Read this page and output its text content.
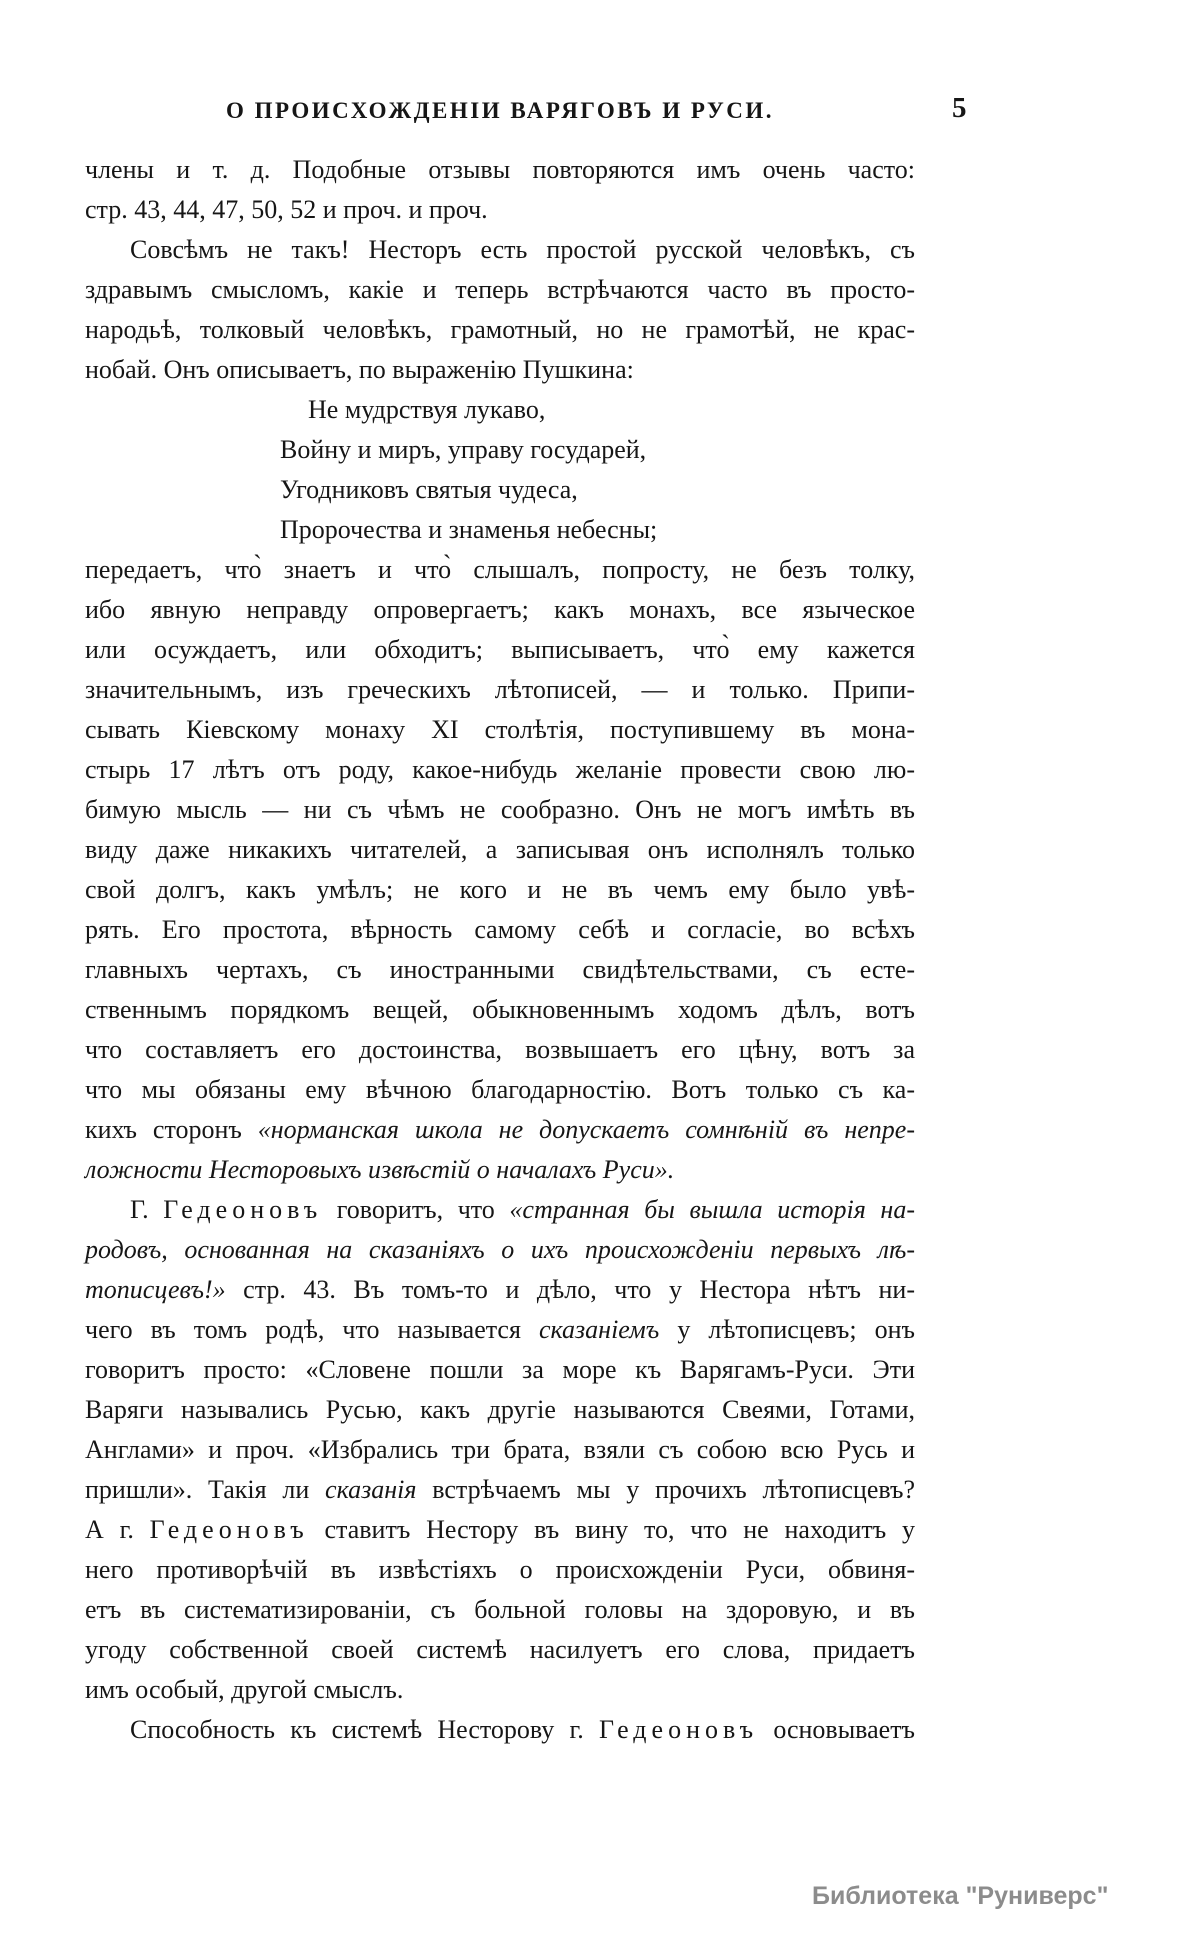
О ПРОИСХОЖДЕНІИ ВАРЯГОВЪ И РУСИ.	5
члены и т. д. Подобные отзывы повторяются имъ очень часто:
стр. 43, 44, 47, 50, 52 и проч. и проч.
Совсѣмъ не такъ! Несторъ есть простой русской человѣкъ, съ
здравымъ смысломъ, какіе и теперь встрѣчаются часто въ просто-
народьѣ, толковый человѣкъ, грамотный, но не грамотѣй, не крас-
нобай. Онъ описываетъ, по выраженію Пушкина:
Не мудрствуя лукаво,
Войну и миръ, управу государей,
Угодниковъ святыя чудеса,
Пророчества и знаменья небесны;
передаетъ, что̀ знаетъ и что̀ слышалъ, попросту, не безъ толку,
ибо явную неправду опровергаетъ; какъ монахъ, все языческое
или осуждаетъ, или обходитъ; выписываетъ, что̀ ему кажется
значительнымъ, изъ греческихъ лѣтописей, — и только. Припи-
сывать Кіевскому монаху XI столѣтія, поступившему въ мона-
стырь 17 лѣтъ отъ роду, какое-нибудь желаніе провести свою лю-
бимую мысль — ни съ чѣмъ не сообразно. Онъ не могъ имѣть въ
виду даже никакихъ читателей, а записывая онъ исполнялъ только
свой долгъ, какъ умѣлъ; не кого и не въ чемъ ему было увѣ-
рять. Его простота, вѣрность самому себѣ и согласіе, во всѣхъ
главныхъ чертахъ, съ иностранными свидѣтельствами, съ есте-
ственнымъ порядкомъ вещей, обыкновеннымъ ходомъ дѣлъ, вотъ
что составляетъ его достоинства, возвышаетъ его цѣну, вотъ за
что мы обязаны ему вѣчною благодарностію. Вотъ только съ ка-
кихъ сторонъ «норманская школа не допускаетъ сомнѣній въ непре-
ложности Несторовыхъ извѣстій о началахъ Руси».
Г. Гедеоновъ говоритъ, что «странная бы вышла исторія на-
родовъ, основанная на сказаніяхъ о ихъ происхожденіи первыхъ лѣ-
тописцевъ!» стр. 43. Въ томъ-то и дѣло, что у Нестора нѣтъ ни-
чего въ томъ родѣ, что называется сказаніемъ у лѣтописцевъ; онъ
говоритъ просто: «Словене пошли за море къ Варягамъ-Руси. Эти
Варяги назывались Русью, какъ другіе называются Свеями, Готами,
Англами» и проч. «Избрались три брата, взяли съ собою всю Русь и
пришли». Такія ли сказанія встрѣчаемъ мы у прочихъ лѣтописцевъ?
А г. Гедеоновъ ставитъ Нестору въ вину то, что не находитъ у
него противорѣчій въ извѣстіяхъ о происхожденіи Руси, обвиня-
етъ въ систематизированіи, съ больной головы на здоровую, и въ
угоду собственной своей системѣ насилуетъ его слова, придаетъ
имъ особый, другой смыслъ.
Способность къ системѣ Несторову г. Гедеоновъ основываетъ
Библиотека "Руниверс"
